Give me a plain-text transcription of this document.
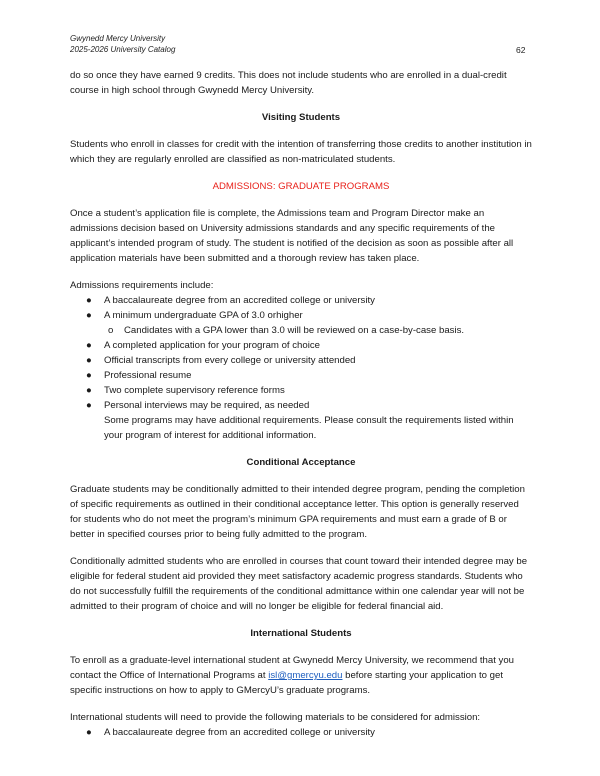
Gwynedd Mercy University
2025-2026 University Catalog	62

do so once they have earned 9 credits. This does not include students who are enrolled in a dual-credit course in high school through Gwynedd Mercy University.

Visiting Students

Students who enroll in classes for credit with the intention of transferring those credits to another institution in which they are regularly enrolled are classified as non-matriculated students.

ADMISSIONS: GRADUATE PROGRAMS

Once a student’s application file is complete, the Admissions team and Program Director make an admissions decision based on University admissions standards and any specific requirements of the applicant’s intended program of study. The student is notified of the decision as soon as possible after all application materials have been submitted and a thorough review has taken place.

Admissions requirements include:
● A baccalaureate degree from an accredited college or university
● A minimum undergraduate GPA of 3.0 orhigher
o Candidates with a GPA lower than 3.0 will be reviewed on a case-by-case basis.
● A completed application for your program of choice
● Official transcripts from every college or university attended
● Professional resume
● Two complete supervisory reference forms
● Personal interviews may be required, as needed
Some programs may have additional requirements. Please consult the requirements listed within your program of interest for additional information.
Conditional Acceptance

Graduate students may be conditionally admitted to their intended degree program, pending the completion of specific requirements as outlined in their conditional acceptance letter. This option is generally reserved for students who do not meet the program’s minimum GPA requirements and must earn a grade of B or better in specified courses prior to being fully admitted to the program.

Conditionally admitted students who are enrolled in courses that count toward their intended degree may be eligible for federal student aid provided they meet satisfactory academic progress standards. Students who do not successfully fulfill the requirements of the conditional admittance within one calendar year will not be admitted to their program of choice and will no longer be eligible for federal financial aid.

International Students

To enroll as a graduate-level international student at Gwynedd Mercy University, we recommend that you contact the Office of International Programs at isl@gmercyu.edu before starting your application to get specific instructions on how to apply to GMercyU’s graduate programs.

International students will need to provide the following materials to be considered for admission:
● A baccalaureate degree from an accredited college or university
